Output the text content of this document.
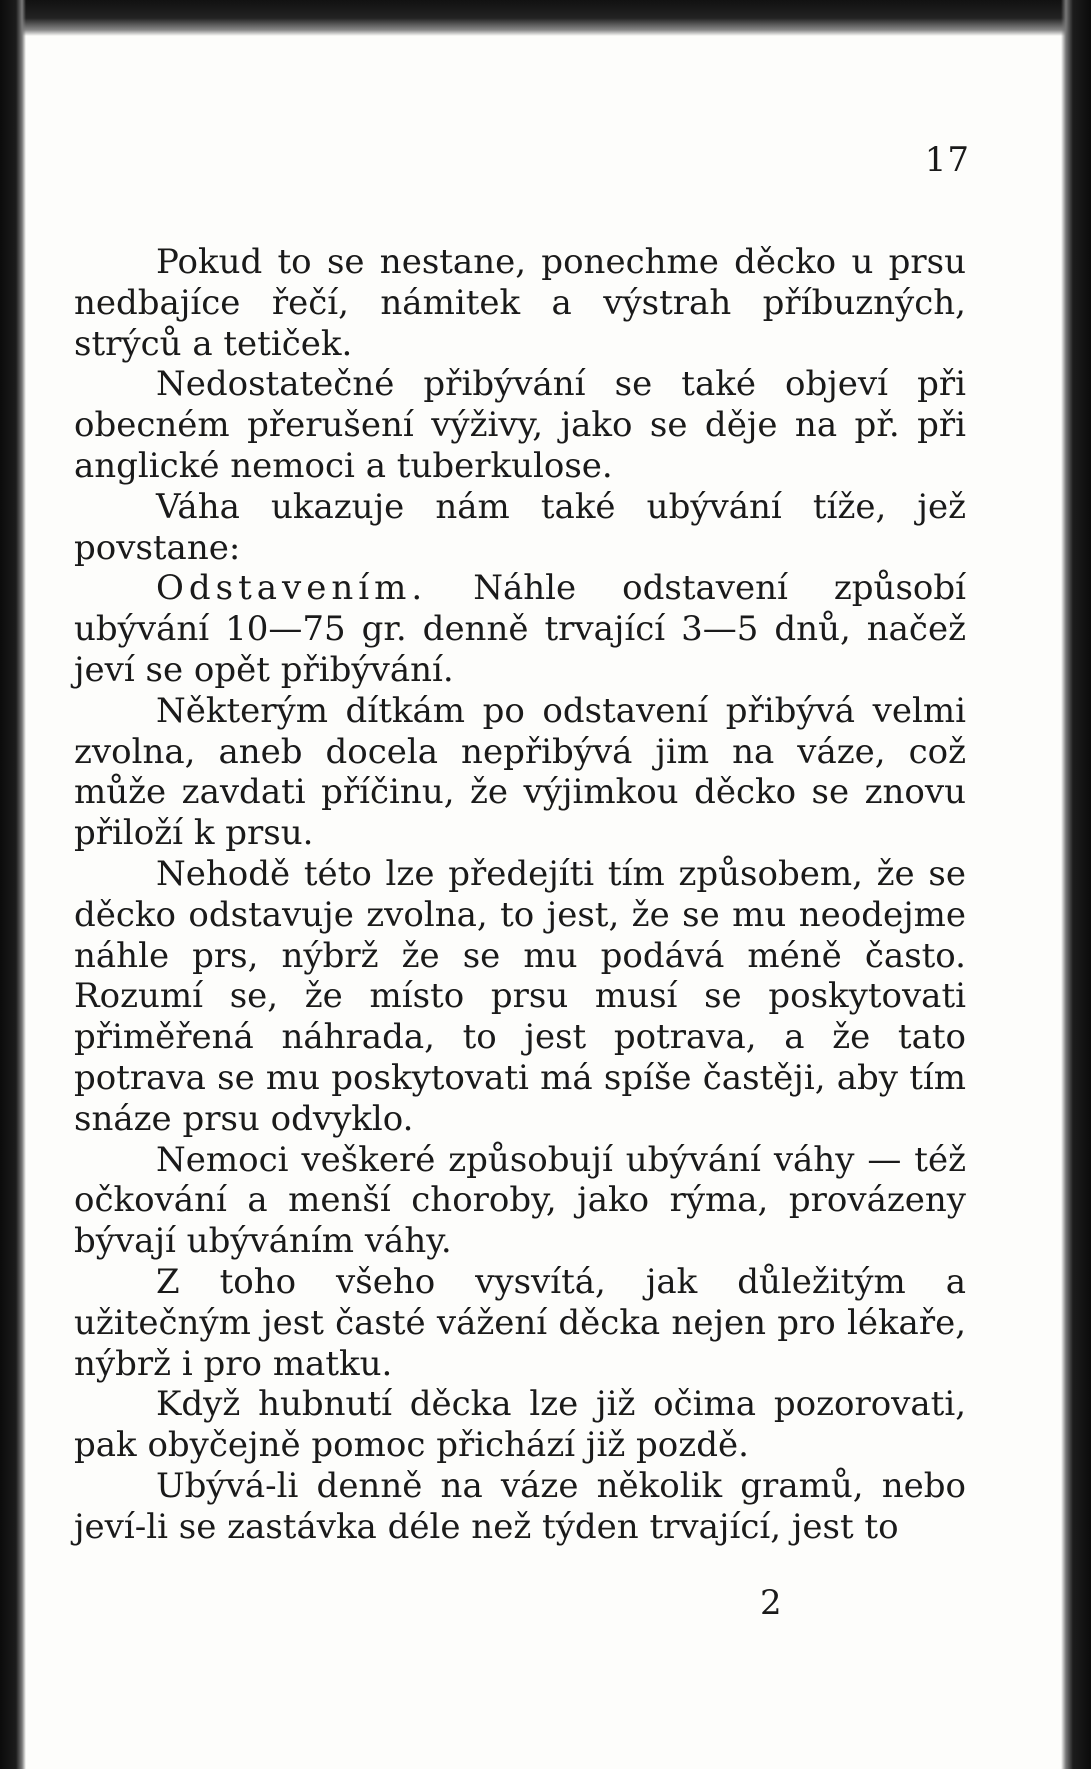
17

Pokud to se nestane, ponechme děcko u prsu nedbajíce řečí, námitek a výstrah příbuzných, strýců a tetiček.

Nedostatečné přibývání se také objeví při obecném přerušení výživy, jako se děje na př. při anglické nemoci a tuberkulose.

Váha ukazuje nám také ubývání tíže, jež povstane:

Odstavením. Náhle odstavení způsobí ubývání 10—75 gr. denně trvající 3—5 dnů, načež jeví se opět přibývání.

Některým dítkám po odstavení přibývá velmi zvolna, aneb docela nepřibývá jim na váze, což může zavdati příčinu, že výjimkou děcko se znovu přiloží k prsu.

Nehodě této lze předejíti tím způsobem, že se děcko odstavuje zvolna, to jest, že se mu neodejme náhle prs, nýbrž že se mu podává méně často. Rozumí se, že místo prsu musí se poskytovati přiměřená náhrada, to jest potrava, a že tato potrava se mu poskytovati má spíše častěji, aby tím snáze prsu odvyklo.

Nemoci veškeré způsobují ubývání váhy — též očkování a menší choroby, jako rýma, provázeny bývají ubýváním váhy.

Z toho všeho vysvítá, jak důležitým a užitečným jest časté vážení děcka nejen pro lékaře, nýbrž i pro matku.

Když hubnutí děcka lze již očima pozorovati, pak obyčejně pomoc přichází již pozdě.

Ubývá-li denně na váze několik gramů, nebo jeví-li se zastávka déle než týden trvající, jest to

2
